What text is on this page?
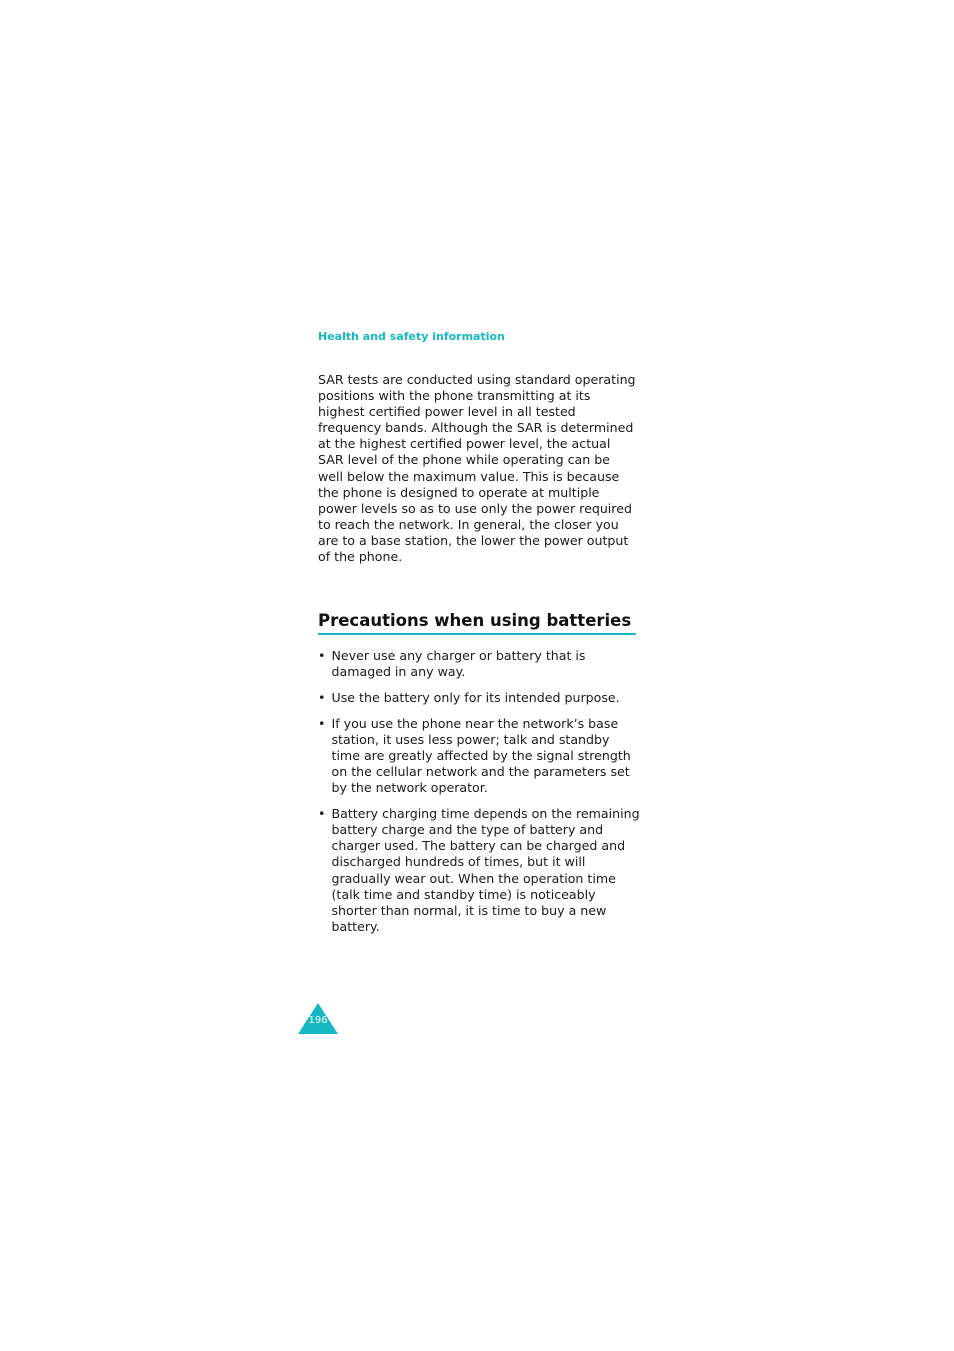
Health and safety information

SAR tests are conducted using standard operating positions with the phone transmitting at its highest certified power level in all tested frequency bands. Although the SAR is determined at the highest certified power level, the actual SAR level of the phone while operating can be well below the maximum value. This is because the phone is designed to operate at multiple power levels so as to use only the power required to reach the network. In general, the closer you are to a base station, the lower the power output of the phone.

Precautions when using batteries
• Never use any charger or battery that is damaged in any way.
• Use the battery only for its intended purpose.
• If you use the phone near the network’s base station, it uses less power; talk and standby time are greatly affected by the signal strength on the cellular network and the parameters set by the network operator.
• Battery charging time depends on the remaining battery charge and the type of battery and charger used. The battery can be charged and discharged hundreds of times, but it will gradually wear out. When the operation time (talk time and standby time) is noticeably shorter than normal, it is time to buy a new battery.
196
